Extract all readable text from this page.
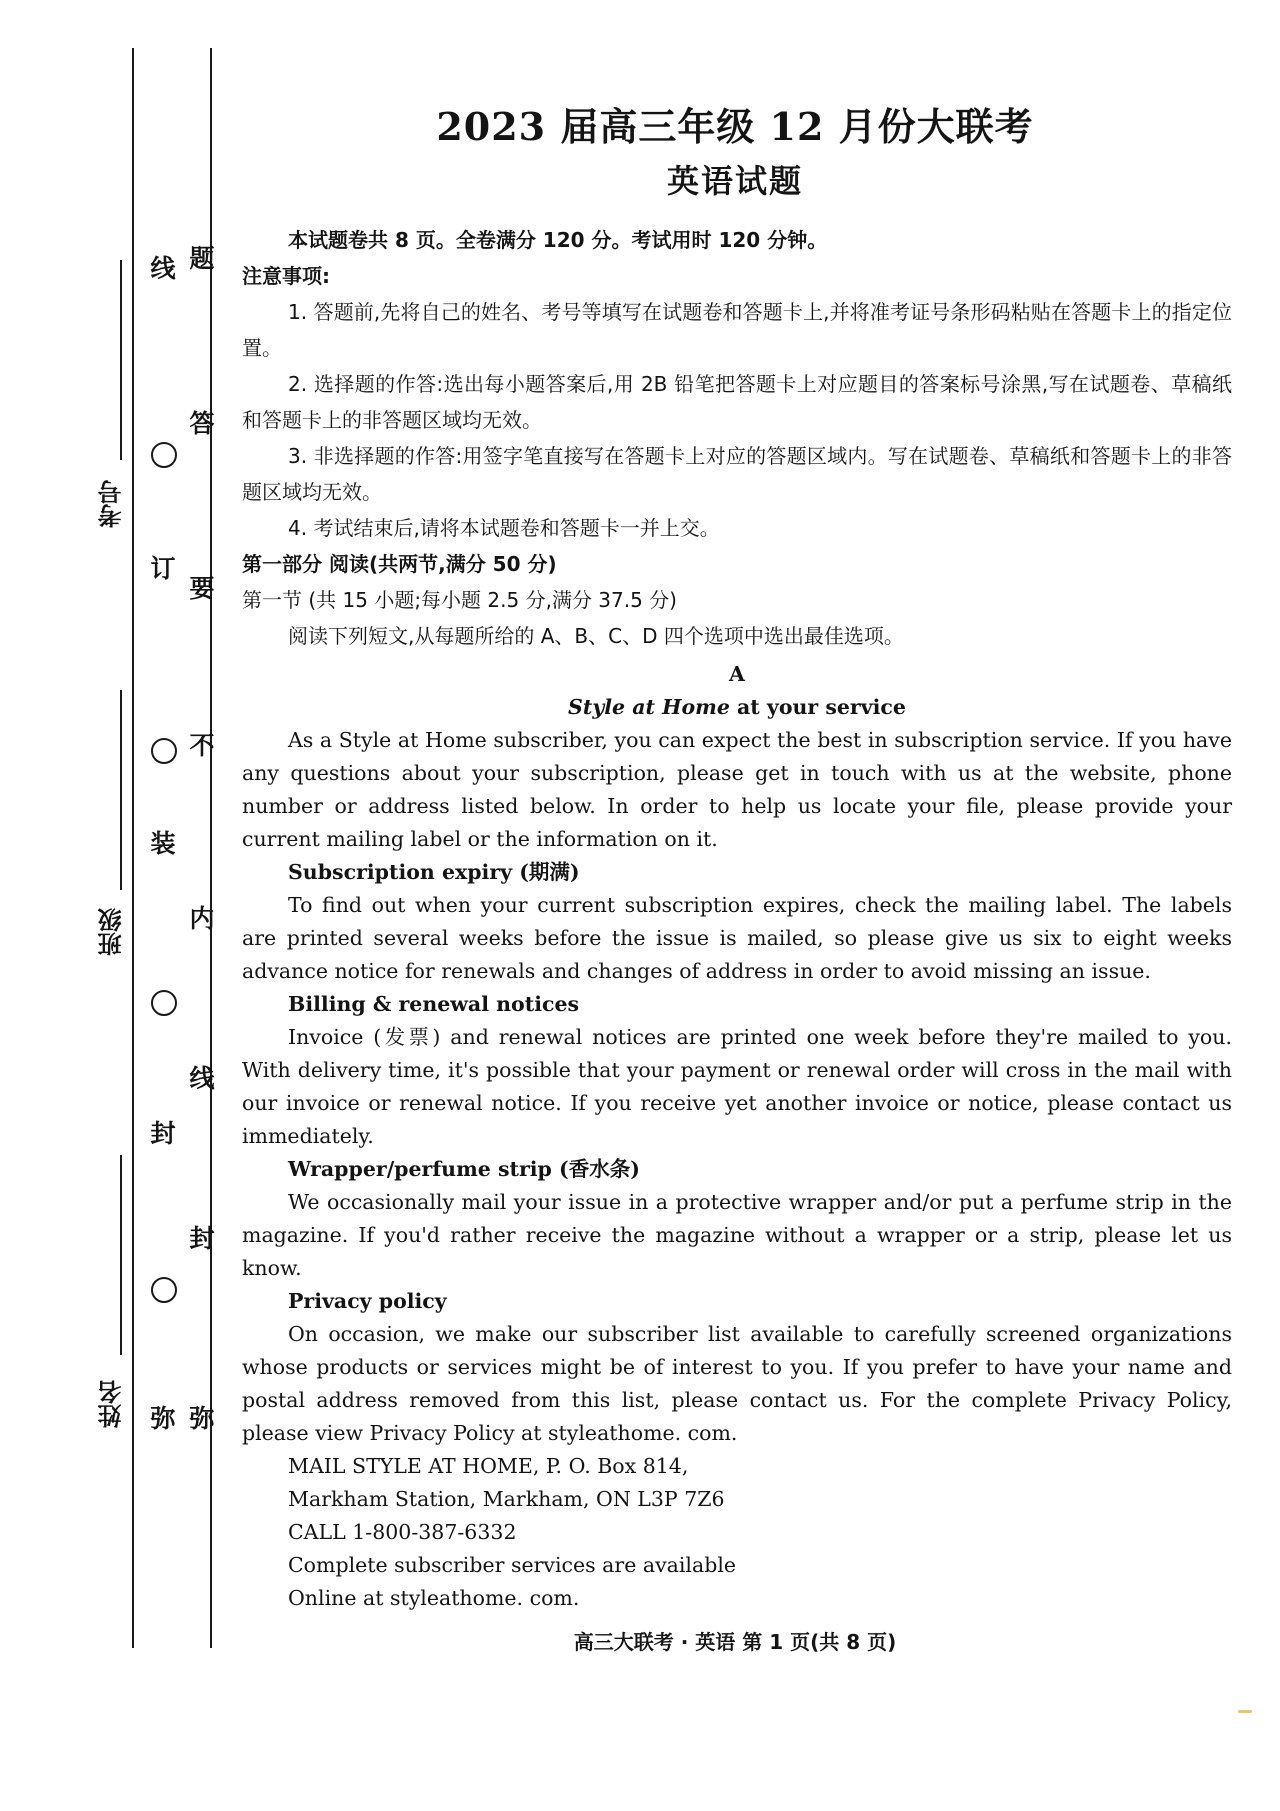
考号
班级
姓名
线
订
装
封
弥
题
答
要
不
内
线
封
弥
2023 届高三年级 12 月份大联考
英语试题

本试题卷共 8 页。全卷满分 120 分。考试用时 120 分钟。

注意事项:

1. 答题前,先将自己的姓名、考号等填写在试题卷和答题卡上,并将准考证号条形码粘贴在答题卡上的指定位置。

2. 选择题的作答:选出每小题答案后,用 2B 铅笔把答题卡上对应题目的答案标号涂黑,写在试题卷、草稿纸和答题卡上的非答题区域均无效。

3. 非选择题的作答:用签字笔直接写在答题卡上对应的答题区域内。写在试题卷、草稿纸和答题卡上的非答题区域均无效。

4. 考试结束后,请将本试题卷和答题卡一并上交。

第一部分 阅读(共两节,满分 50 分)

第一节 (共 15 小题;每小题 2.5 分,满分 37.5 分)

阅读下列短文,从每题所给的 A、B、C、D 四个选项中选出最佳选项。

A

Style at Home at your service

As a Style at Home subscriber, you can expect the best in subscription service. If you have any questions about your subscription, please get in touch with us at the website, phone number or address listed below. In order to help us locate your file, please provide your current mailing label or the information on it.

Subscription expiry (期满)

To find out when your current subscription expires, check the mailing label. The labels are printed several weeks before the issue is mailed, so please give us six to eight weeks advance notice for renewals and changes of address in order to avoid missing an issue.

Billing & renewal notices

Invoice (发票) and renewal notices are printed one week before they're mailed to you. With delivery time, it's possible that your payment or renewal order will cross in the mail with our invoice or renewal notice. If you receive yet another invoice or notice, please contact us immediately.

Wrapper/perfume strip (香水条)

We occasionally mail your issue in a protective wrapper and/or put a perfume strip in the magazine. If you'd rather receive the magazine without a wrapper or a strip, please let us know.

Privacy policy

On occasion, we make our subscriber list available to carefully screened organizations whose products or services might be of interest to you. If you prefer to have your name and postal address removed from this list, please contact us. For the complete Privacy Policy, please view Privacy Policy at styleathome. com.

MAIL STYLE AT HOME, P. O. Box 814,

Markham Station, Markham, ON L3P 7Z6

CALL 1-800-387-6332

Complete subscriber services are available

Online at styleathome. com.

高三大联考 · 英语 第 1 页(共 8 页)
